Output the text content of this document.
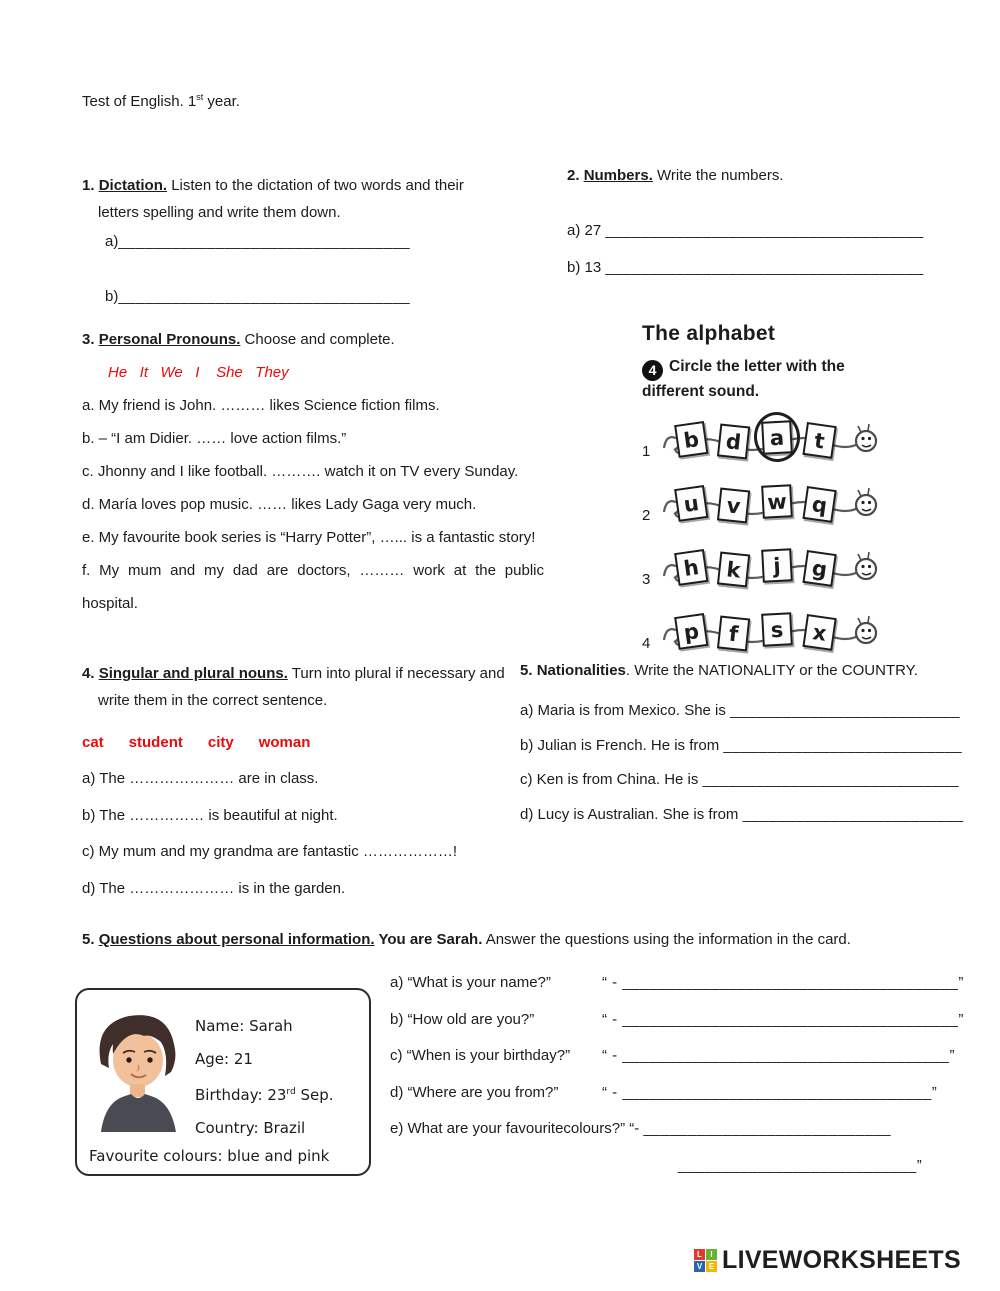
Test of English. 1st year.

1. Dictation. Listen to the dictation of two words and their letters spelling and write them down.

a)_________________________________

b)_________________________________

2. Numbers. Write the numbers.

a) 27 ____________________________________

b) 13 ____________________________________

3. Personal Pronouns. Choose and complete.

He   It   We   I    She   They

a. My friend is John. ……… likes Science fiction films.

b. – “I am Didier. …… love action films.”

c. Jhonny and I like football. ………. watch it on TV every Sunday.

d. María loves pop music. …… likes Lady Gaga very much.

e. My favourite book series is “Harry Potter”, …... is a fantastic story!

f. My mum and my dad are doctors, ……… work at the public hospital.

The alphabet

4 Circle the letter with the different sound.

1	b	d	a	t
2	u	v	w	q
3	h	k	j	g
4	p	f	s	x

4. Singular and plural nouns. Turn into plural if necessary and write them in the correct sentence.

cat      student      city      woman

a) The ………………… are in class.

b) The …………… is beautiful at night.

c) My mum and my grandma are fantastic ………………!

d) The ………………… is in the garden.

5. Nationalities. Write the NATIONALITY or the COUNTRY.

a) Maria is from Mexico. She is __________________________

b) Julian is French. He is from ___________________________

c) Ken is from China. He is _____________________________

d) Lucy is Australian. She is from _________________________

5. Questions about personal information. You are Sarah. Answer the questions using the information in the card.

Name: Sarah

Age: 21

Birthday: 23rd Sep.

Country: Brazil

Favourite colours: blue and pink

a) “What is your name?”	“ - ______________________________________”

b) “How old are you?”	“ - ______________________________________”

c) “When is your birthday?” “ - _____________________________________”

d) “Where are you from?”	“ - ___________________________________”

e) What are your favouritecolours?” “- ____________________________

___________________________”

L	I
V E LIVEWORKSHEETS
